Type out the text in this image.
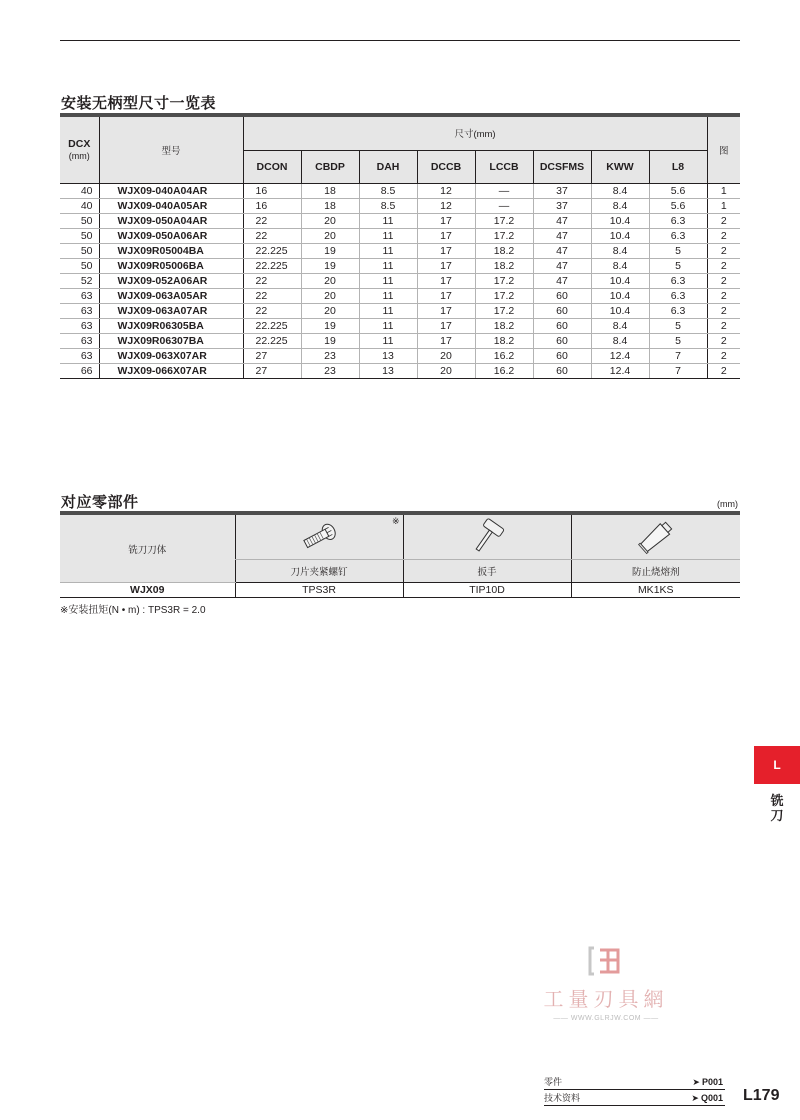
安装无柄型尺寸一览表
DCX
(mm)	型号	尺寸(mm)								图
		DCON	CBDP	DAH	DCCB	LCCB	DCSFMS	KWW	L8	
40	WJX09-040A04AR	16	18	8.5	12	—	37	8.4	5.6	1
40	WJX09-040A05AR	16	18	8.5	12	—	37	8.4	5.6	1
50	WJX09-050A04AR	22	20	11	17	17.2	47	10.4	6.3	2
50	WJX09-050A06AR	22	20	11	17	17.2	47	10.4	6.3	2
50	WJX09R05004BA	22.225	19	11	17	18.2	47	8.4	5	2
50	WJX09R05006BA	22.225	19	11	17	18.2	47	8.4	5	2
52	WJX09-052A06AR	22	20	11	17	17.2	47	10.4	6.3	2
63	WJX09-063A05AR	22	20	11	17	17.2	60	10.4	6.3	2
63	WJX09-063A07AR	22	20	11	17	17.2	60	10.4	6.3	2
63	WJX09R06305BA	22.225	19	11	17	18.2	60	8.4	5	2
63	WJX09R06307BA	22.225	19	11	17	18.2	60	8.4	5	2
63	WJX09-063X07AR	27	23	13	20	16.2	60	12.4	7	2
66	WJX09-066X07AR	27	23	13	20	16.2	60	12.4	7	2
对应零部件	(mm)
铣刀刀体	※

	刀片夹紧螺钉	扳手	防止烧熔剂
WJX09	TPS3R	TIP10D	MK1KS
※安装扭矩(N • m) : TPS3R = 2.0
L
铣
刀
工量刃具網
—— WWW.GLRJW.COM ——
零件	➤ P001
技术资料	➤ Q001 L179
